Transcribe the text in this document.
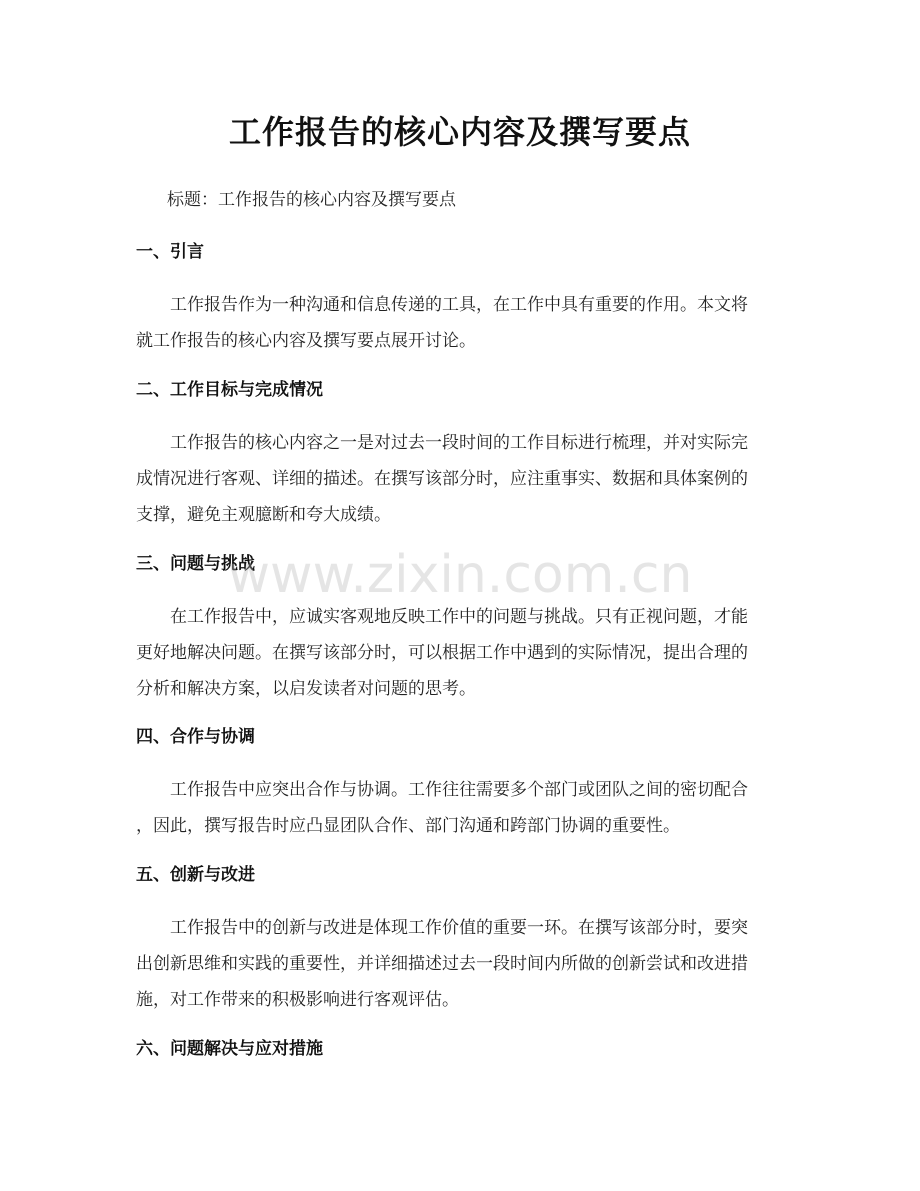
工作报告的核心内容及撰写要点
标题：工作报告的核心内容及撰写要点
一、引言
工作报告作为一种沟通和信息传递的工具，在工作中具有重要的作用。本文将
就工作报告的核心内容及撰写要点展开讨论。
二、工作目标与完成情况
工作报告的核心内容之一是对过去一段时间的工作目标进行梳理，并对实际完
成情况进行客观、详细的描述。在撰写该部分时，应注重事实、数据和具体案例的
支撑，避免主观臆断和夸大成绩。
三、问题与挑战
在工作报告中，应诚实客观地反映工作中的问题与挑战。只有正视问题，才能
更好地解决问题。在撰写该部分时，可以根据工作中遇到的实际情况，提出合理的
分析和解决方案，以启发读者对问题的思考。
四、合作与协调
工作报告中应突出合作与协调。工作往往需要多个部门或团队之间的密切配合
，因此，撰写报告时应凸显团队合作、部门沟通和跨部门协调的重要性。
五、创新与改进
工作报告中的创新与改进是体现工作价值的重要一环。在撰写该部分时，要突
出创新思维和实践的重要性，并详细描述过去一段时间内所做的创新尝试和改进措
施，对工作带来的积极影响进行客观评估。
六、问题解决与应对措施
www.zixin.com.cn
